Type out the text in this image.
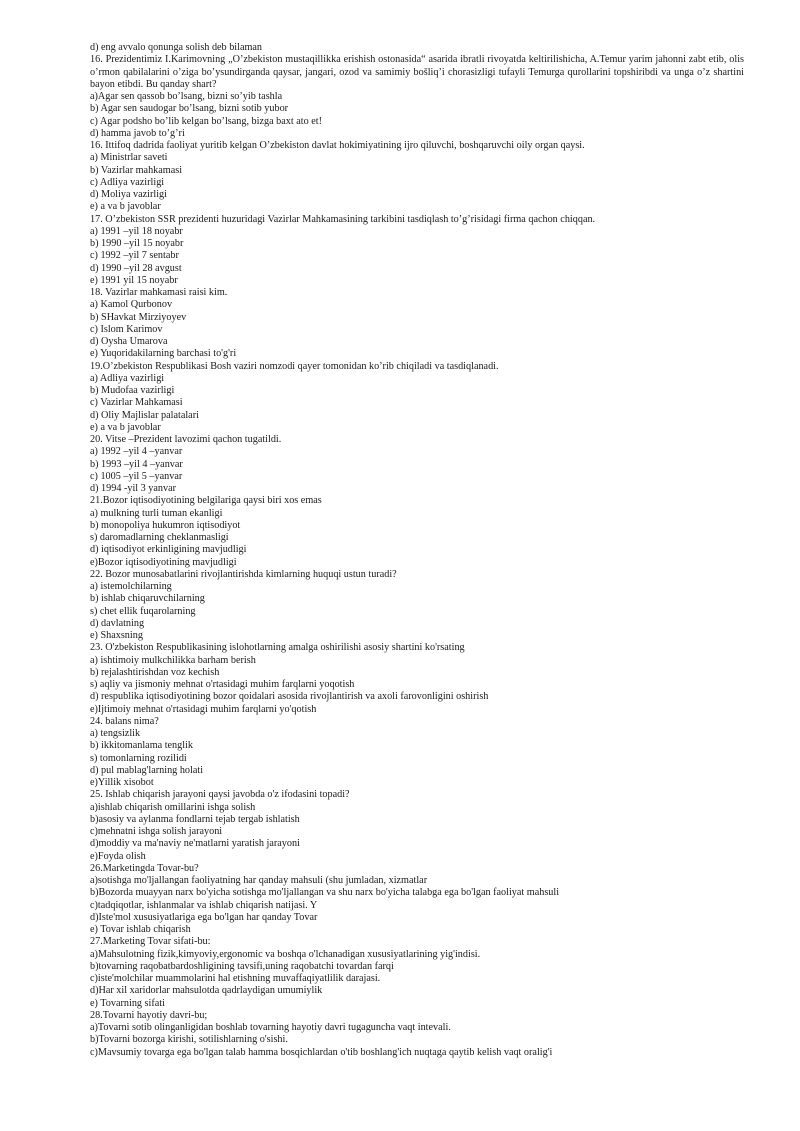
d) eng avvalo qonunga solish deb bilaman
16. Prezidentimiz I.Karimovning „O’zbekiston mustaqillikka erishish ostonasida“ asarida ibratli rivoyatda keltirilishicha, A.Temur yarim jahonni zabt etib, olis o’rmon qabilalarini o’ziga bo’ysundirganda qaysar, jangari, ozod va samimiy bošliq’i chorasizligi tufayli Temurga qurollarini topshiribdi va unga o’z shartini bayon etibdi. Bu qanday shart?
a)Agar sen qassob bo’lsang, bizni so’yib tashla
b) Agar sen saudogar bo’lsang, bizni sotib yubor
c) Agar podsho bo’lib kelgan bo’lsang, bizga baxt ato et!
d) hamma javob to’g’ri
16. Ittifoq dadrida faoliyat yuritib kelgan O’zbekiston davlat hokimiyatining ijro qiluvchi, boshqaruvchi oily organ qaysi.
a) Ministrlar saveti
b) Vazirlar mahkamasi
c) Adliya vazirligi
d) Moliya vazirligi
e) a va b javoblar
17. O’zbekiston SSR prezidenti huzuridagi Vazirlar Mahkamasining tarkibini tasdiqlash to’g’risidagi firma qachon chiqqan.
a) 1991 –yil 18 noyabr
b) 1990 –yil 15 noyabr
c) 1992 –yil 7 sentabr
d) 1990 –yil 28 avgust
e) 1991 yil 15 noyabr
18. Vazirlar mahkamasi raisi kim.
a) Kamol Qurbonov
b) SHavkat Mirziyoyev
c) Islom Karimov
d) Oysha Umarova
e) Yuqoridakilarning barchasi to'g'ri
19.O’zbekiston Respublikasi Bosh vaziri nomzodi qayer tomonidan ko’rib chiqiladi va tasdiqlanadi.
a) Adliya vazirligi
b) Mudofaa vazirligi
c) Vazirlar Mahkamasi
d) Oliy Majlislar palatalari
e) a va b javoblar
20. Vitse –Prezident lavozimi qachon tugatildi.
a) 1992 –yil 4 –yanvar
b) 1993 –yil 4 –yanvar
c) 1005 –yil 5 –yanvar
d) 1994 -yil 3 yanvar
21.Bozor iqtisodiyotining belgilariga qaysi biri xos emas
a) mulkning turli tuman ekanligi
b) monopoliya hukumron iqtisodiyot
s) daromadlarning cheklanmasligi
d) iqtisodiyot erkinligining mavjudligi
e)Bozor iqtisodiyotining mavjudligi
22. Bozor munosabatlarini rivojlantirishda kimlarning huquqi ustun turadi?
a) istemolchilarning
b) ishlab chiqaruvchilarning
s) chet ellik fuqarolarning
d) davlatning
e) Shaxsning
23. O'zbekiston Respublikasining islohotlarning amalga oshirilishi asosiy shartini ko'rsating
a) ishtimoiy mulkchilikka barham berish
b) rejalashtirishdan voz kechish
s) aqliy va jismoniy mehnat o'rtasidagi muhim farqlarni yoqotish
d) respublika iqtisodiyotining bozor qoidalari asosida rivojlantirish va axoli farovonligini oshirish
e)Ijtimoiy mehnat o'rtasidagi muhim farqlarni yo'qotish
24. balans nima?
a) tengsizlik
b) ikkitomanlama tenglik
s) tomonlarning rozilidi
d) pul mablag'larning holati
e)Yillik xisobot
25. Ishlab chiqarish jarayoni qaysi javobda o'z ifodasini topadi?
a)ishlab chiqarish omillarini ishga solish
b)asosiy va aylanma fondlarni tejab tergab ishlatish
c)mehnatni ishga solish jarayoni
d)moddiy va ma'naviy ne'matlarni yaratish jarayoni
e)Foyda olish
26.Marketingda Tovar-bu?
a)sotishga mo'ljallangan faoliyatning har qanday mahsuli (shu jumladan, xizmatlar
b)Bozorda muayyan narx bo'yicha sotishga mo'ljallangan va shu narx bo'yicha talabga ega bo'lgan faoliyat mahsuli
c)tadqiqotlar, ishlanmalar va ishlab chiqarish natijasi. Y
d)Iste'mol xususiyatlariga ega bo'lgan har qanday Tovar
e) Tovar ishlab chiqarish
27.Marketing Tovar sifati-bu:
a)Mahsulotning fizik,kimyoviy,ergonomic va boshqa o'lchanadigan xususiyatlarining yig'indisi.
b)tovarning raqobatbardoshligining tavsifi,uning raqobatchi tovardan farqi
c)iste'molchilar muammolarini hal etishning muvaffaqiyatlilik darajasi.
d)Har xil xaridorlar mahsulotda qadrlaydigan umumiylik
e) Tovarning sifati
28.Tovarni hayotiy davri-bu;
a)Tovarni sotib olinganligidan boshlab tovarning hayotiy davri tugaguncha vaqt intevali.
b)Tovarni bozorga kirishi, sotilishlarning o'sishi.
c)Mavsumiy tovarga ega bo'lgan talab hamma bosqichlardan o'tib boshlang'ich nuqtaga qaytib kelish vaqt oralig'i
